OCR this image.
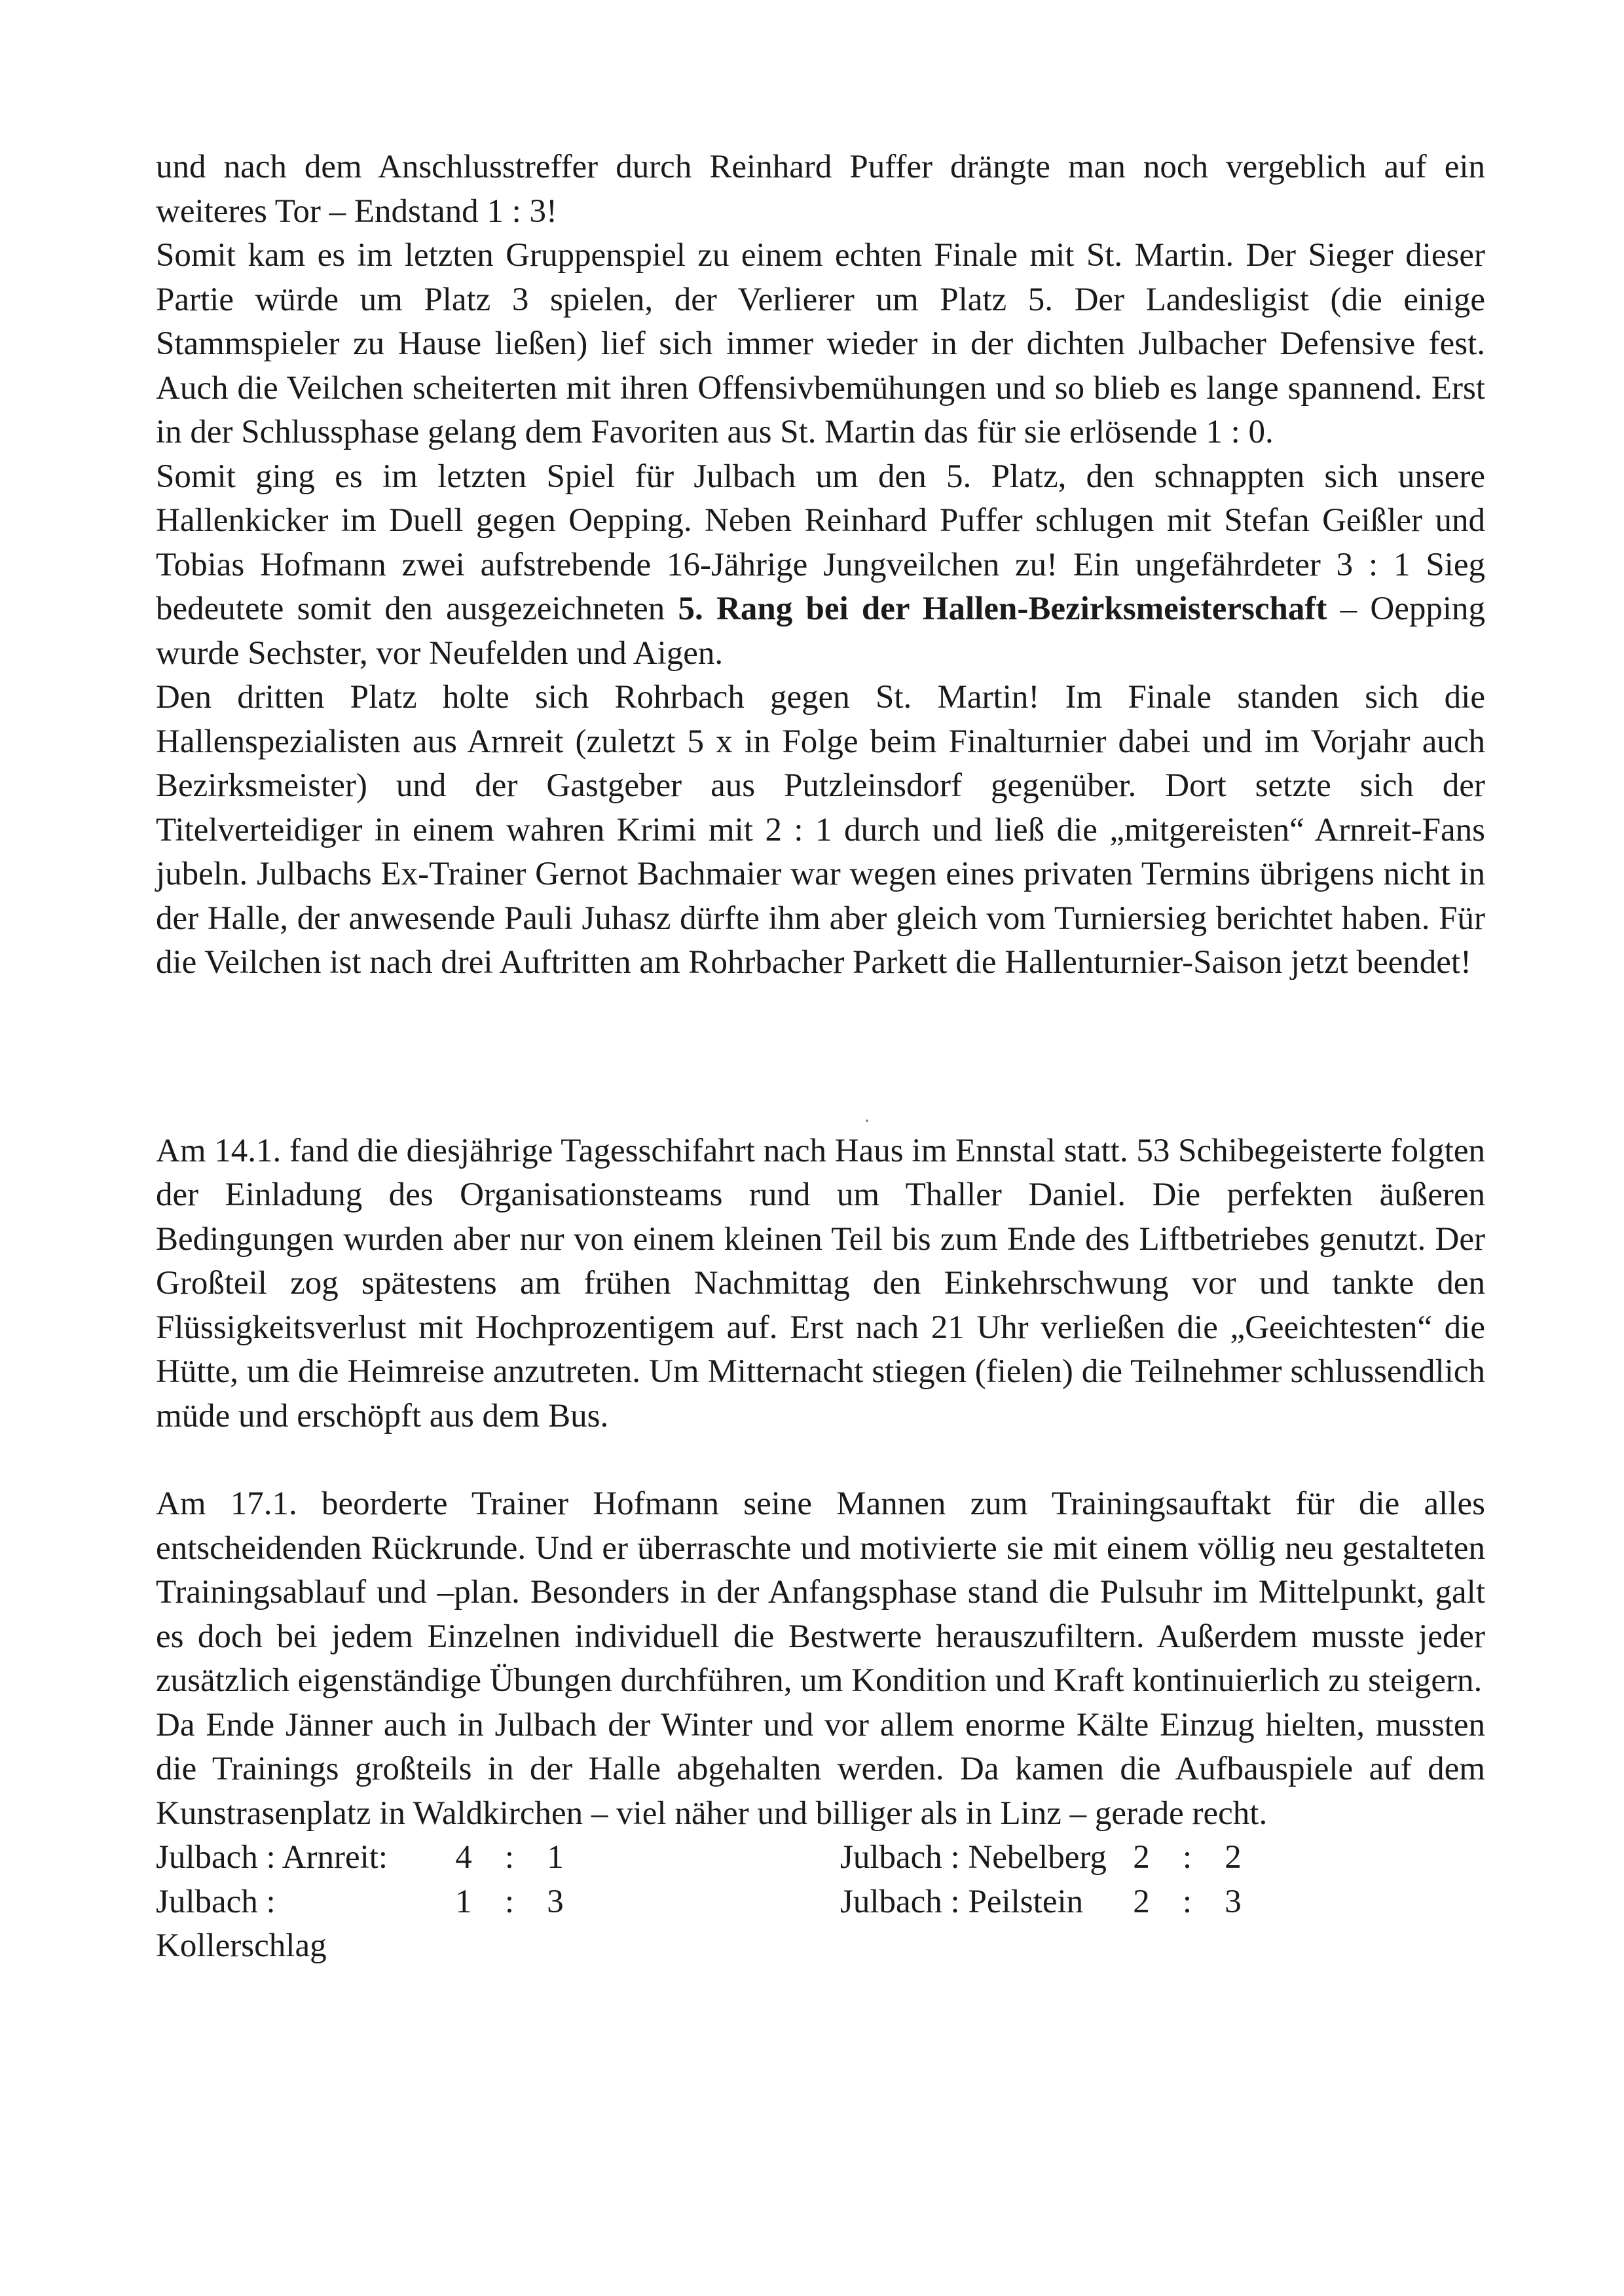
und nach dem Anschlusstreffer durch Reinhard Puffer drängte man noch vergeblich auf ein weiteres Tor – Endstand 1 : 3!

Somit kam es im letzten Gruppenspiel zu einem echten Finale mit St. Martin. Der Sieger dieser Partie würde um Platz 3 spielen, der Verlierer um Platz 5. Der Landesligist (die einige Stammspieler zu Hause ließen) lief sich immer wieder in der dichten Julbacher Defensive fest. Auch die Veilchen scheiterten mit ihren Offensivbemühungen und so blieb es lange spannend. Erst in der Schlussphase gelang dem Favoriten aus St. Martin das für sie erlösende 1 : 0.

Somit ging es im letzten Spiel für Julbach um den 5. Platz, den schnappten sich unsere Hallenkicker im Duell gegen Oepping. Neben Reinhard Puffer schlugen mit Stefan Geißler und Tobias Hofmann zwei aufstrebende 16-Jährige Jungveilchen zu! Ein ungefährdeter 3 : 1 Sieg bedeutete somit den ausgezeichneten 5. Rang bei der Hallen-Bezirksmeisterschaft – Oepping wurde Sechster, vor Neufelden und Aigen.

Den dritten Platz holte sich Rohrbach gegen St. Martin! Im Finale standen sich die Hallenspezialisten aus Arnreit (zuletzt 5 x in Folge beim Finalturnier dabei und im Vorjahr auch Bezirksmeister) und der Gastgeber aus Putzleinsdorf gegenüber. Dort setzte sich der Titelverteidiger in einem wahren Krimi mit 2 : 1 durch und ließ die „mitgereisten“ Arnreit-Fans jubeln. Julbachs Ex-Trainer Gernot Bachmaier war wegen eines privaten Termins übrigens nicht in der Halle, der anwesende Pauli Juhasz dürfte ihm aber gleich vom Turniersieg berichtet haben. Für die Veilchen ist nach drei Auftritten am Rohrbacher Parkett die Hallenturnier-Saison jetzt beendet!

Am 14.1. fand die diesjährige Tagesschifahrt nach Haus im Ennstal statt. 53 Schibegeisterte folgten der Einladung des Organisationsteams rund um Thaller Daniel. Die perfekten äußeren Bedingungen wurden aber nur von einem kleinen Teil bis zum Ende des Liftbetriebes genutzt. Der Großteil zog spätestens am frühen Nachmittag den Einkehrschwung vor und tankte den Flüssigkeitsverlust mit Hochprozentigem auf. Erst nach 21 Uhr verließen die „Geeichtesten“ die Hütte, um die Heimreise anzutreten. Um Mitternacht stiegen (fielen) die Teilnehmer schlussendlich müde und erschöpft aus dem Bus.

Am 17.1. beorderte Trainer Hofmann seine Mannen zum Trainingsauftakt für die alles entscheidenden Rückrunde. Und er überraschte und motivierte sie mit einem völlig neu gestalteten Trainingsablauf und –plan. Besonders in der Anfangsphase stand die Pulsuhr im Mittelpunkt, galt es doch bei jedem Einzelnen individuell die Bestwerte herauszufiltern. Außerdem musste jeder zusätzlich eigenständige Übungen durchführen, um Kondition und Kraft kontinuierlich zu steigern.

Da Ende Jänner auch in Julbach der Winter und vor allem enorme Kälte Einzug hielten, mussten die Trainings großteils in der Halle abgehalten werden. Da kamen die Aufbauspiele auf dem Kunstrasenplatz in Waldkirchen – viel näher und billiger als in Linz – gerade recht.

Julbach : Arnreit:	4 : 1
Julbach : Kollerschlag
1 : 3
Julbach : Nebelberg 2 : 2
Julbach : Peilstein	2 : 3
